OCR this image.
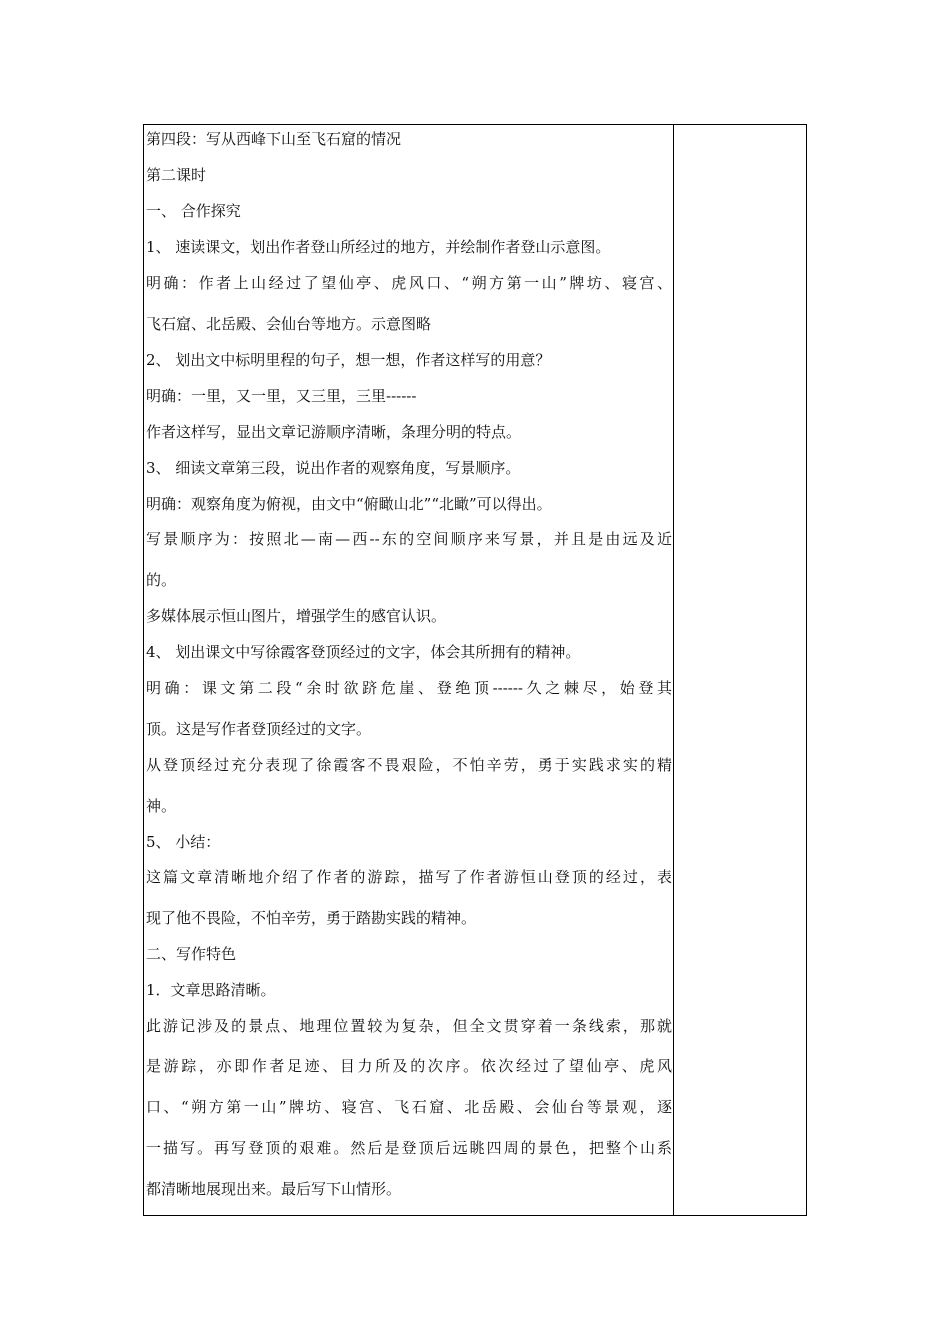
第四段：写从西峰下山至飞石窟的情况
第二课时
一、 合作探究
1、 速读课文，划出作者登山所经过的地方，并绘制作者登山示意图。
明确：作者上山经过了望仙亭、虎风口、“朔方第一山”牌坊、寝宫、
飞石窟、北岳殿、会仙台等地方。示意图略
2、 划出文中标明里程的句子，想一想，作者这样写的用意？
明确：一里，又一里，又三里，三里------
作者这样写，显出文章记游顺序清晰，条理分明的特点。
3、 细读文章第三段，说出作者的观察角度，写景顺序。
明确：观察角度为俯视，由文中“俯瞰山北”“北瞰”可以得出。
写景顺序为：按照北—南—西--东的空间顺序来写景，并且是由远及近
的。
多媒体展示恒山图片，增强学生的感官认识。
4、 划出课文中写徐霞客登顶经过的文字，体会其所拥有的精神。
明确：课文第二段“余时欲跻危崖、登绝顶------久之棘尽，始登其
顶。这是写作者登顶经过的文字。
从登顶经过充分表现了徐霞客不畏艰险，不怕辛劳，勇于实践求实的精
神。
5、 小结：
这篇文章清晰地介绍了作者的游踪，描写了作者游恒山登顶的经过，表
现了他不畏险，不怕辛劳，勇于踏勘实践的精神。
二、写作特色
1．文章思路清晰。
此游记涉及的景点、地理位置较为复杂，但全文贯穿着一条线索，那就
是游踪，亦即作者足迹、目力所及的次序。依次经过了望仙亭、虎风
口、“朔方第一山”牌坊、寝宫、飞石窟、北岳殿、会仙台等景观，逐
一描写。再写登顶的艰难。然后是登顶后远眺四周的景色，把整个山系
都清晰地展现出来。最后写下山情形。
